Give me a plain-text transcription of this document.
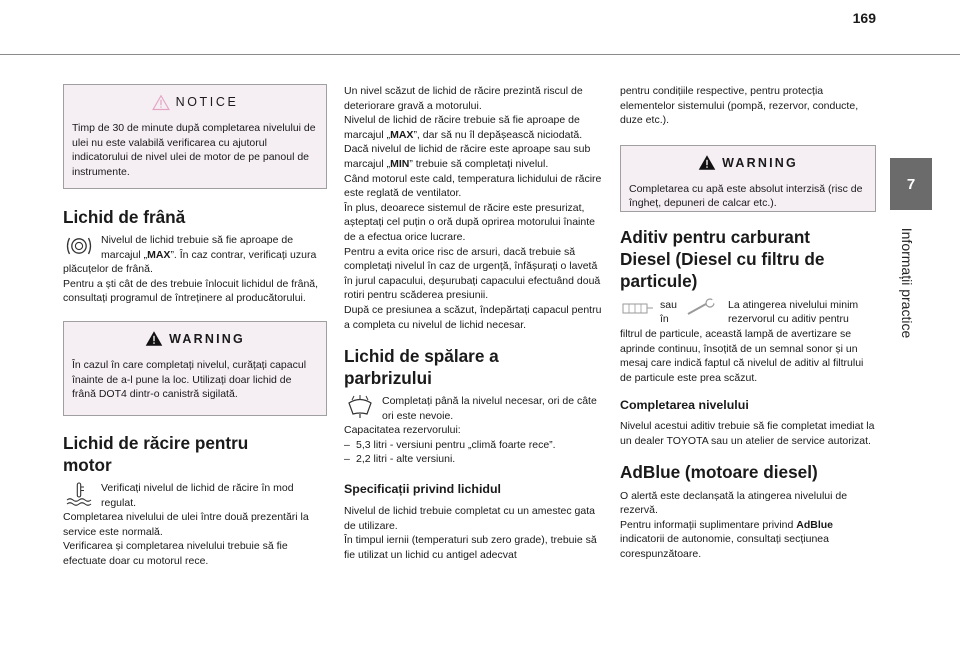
169
7
Informații practice
NOTICE

Timp de 30 de minute după completarea nivelului de ulei nu este valabilă verificarea cu ajutorul indicatorului de nivel ulei de motor de pe panoul de instrumente.

Lichid de frână

Nivelul de lichid trebuie să fie aproape de marcajul „MAX”. În caz contrar, verificați uzura plăcuțelor de frână.

Pentru a ști cât de des trebuie înlocuit lichidul de frână, consultați programul de întreținere al producătorului.

WARNING

În cazul în care completați nivelul, curățați capacul înainte de a-l pune la loc. Utilizați doar lichid de frână DOT4 dintr-o canistră sigilată.

Lichid de răcire pentru
motor

Verificați nivelul de lichid de răcire în mod regulat.

Completarea nivelului de ulei între două prezentări la service este normală.

Verificarea și completarea nivelului trebuie să fie efectuate doar cu motorul rece.

Un nivel scăzut de lichid de răcire prezintă riscul de deteriorare gravă a motorului.

Nivelul de lichid de răcire trebuie să fie aproape de marcajul „MAX”, dar să nu îl depășească niciodată.

Dacă nivelul de lichid de răcire este aproape sau sub marcajul „MIN” trebuie să completați nivelul.

Când motorul este cald, temperatura lichidului de răcire este reglată de ventilator.

În plus, deoarece sistemul de răcire este presurizat, așteptați cel puțin o oră după oprirea motorului înainte de a efectua orice lucrare.

Pentru a evita orice risc de arsuri, dacă trebuie să completați nivelul în caz de urgență, înfășurați o lavetă în jurul capacului, deșurubați capacului efectuând două rotiri pentru scăderea presiunii.

După ce presiunea a scăzut, îndepărtați capacul pentru a completa cu nivelul de lichid necesar.

Lichid de spălare a
parbrizului

Completați până la nivelul necesar, ori de câte ori este nevoie.

Capacitatea rezervorului:

– 5,3 litri - versiuni pentru „climă foarte rece”.

– 2,2 litri - alte versiuni.

Specificații privind lichidul

Nivelul de lichid trebuie completat cu un amestec gata de utilizare.

În timpul iernii (temperaturi sub zero grade), trebuie să fie utilizat un lichid cu antigel adecvat

pentru condițiile respective, pentru protecția elementelor sistemului (pompă, rezervor, conducte, duze etc.).

WARNING

Completarea cu apă este absolut interzisă (risc de îngheț, depuneri de calcar etc.).

Aditiv pentru carburant
Diesel (Diesel cu filtru de
particule)

sau

în

La atingerea nivelului minim rezervorul cu aditiv pentru

filtrul de particule, această lampă de avertizare se aprinde continuu, însoțită de un semnal sonor și un mesaj care indică faptul că nivelul de aditiv al filtrului de particule este prea scăzut.

Completarea nivelului

Nivelul acestui aditiv trebuie să fie completat imediat la un dealer TOYOTA sau un atelier de service autorizat.

AdBlue (motoare diesel)

O alertă este declanșată la atingerea nivelului de rezervă.

Pentru informații suplimentare privind AdBlue indicatorii de autonomie, consultați secțiunea corespunzătoare.
